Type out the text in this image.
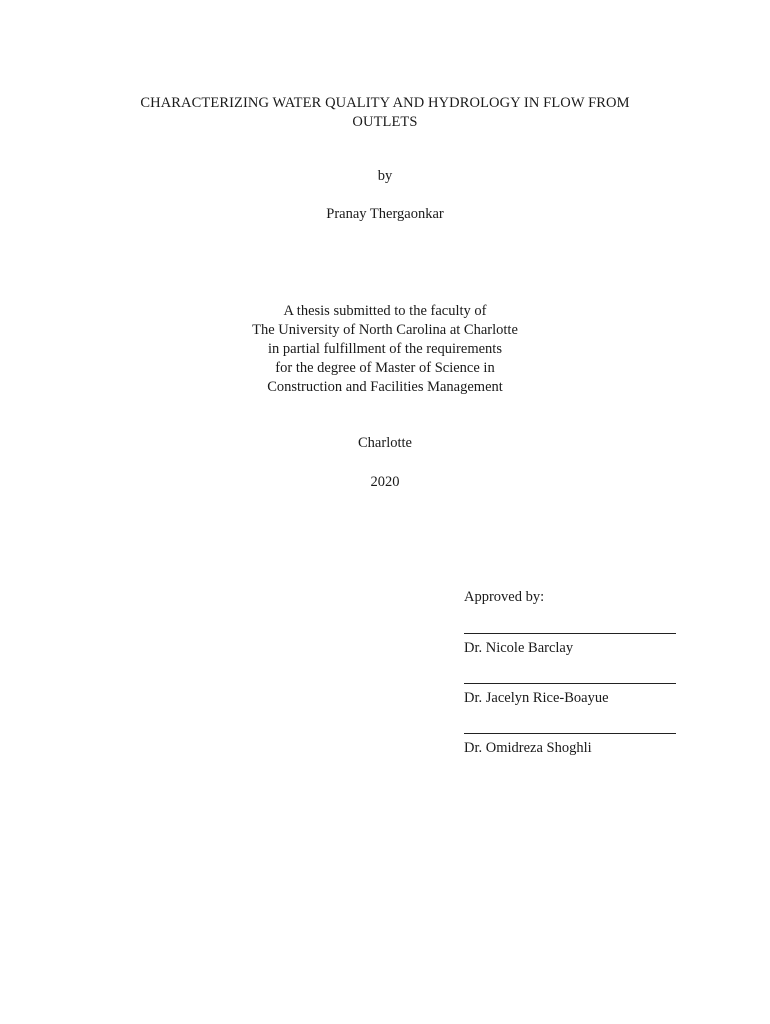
CHARACTERIZING WATER QUALITY AND HYDROLOGY IN FLOW FROM
OUTLETS
by
Pranay Thergaonkar
A thesis submitted to the faculty of
The University of North Carolina at Charlotte
in partial fulfillment of the requirements
for the degree of Master of Science in
Construction and Facilities Management
Charlotte
2020
Approved by:
Dr. Nicole Barclay
Dr. Jacelyn Rice-Boayue
Dr. Omidreza Shoghli
